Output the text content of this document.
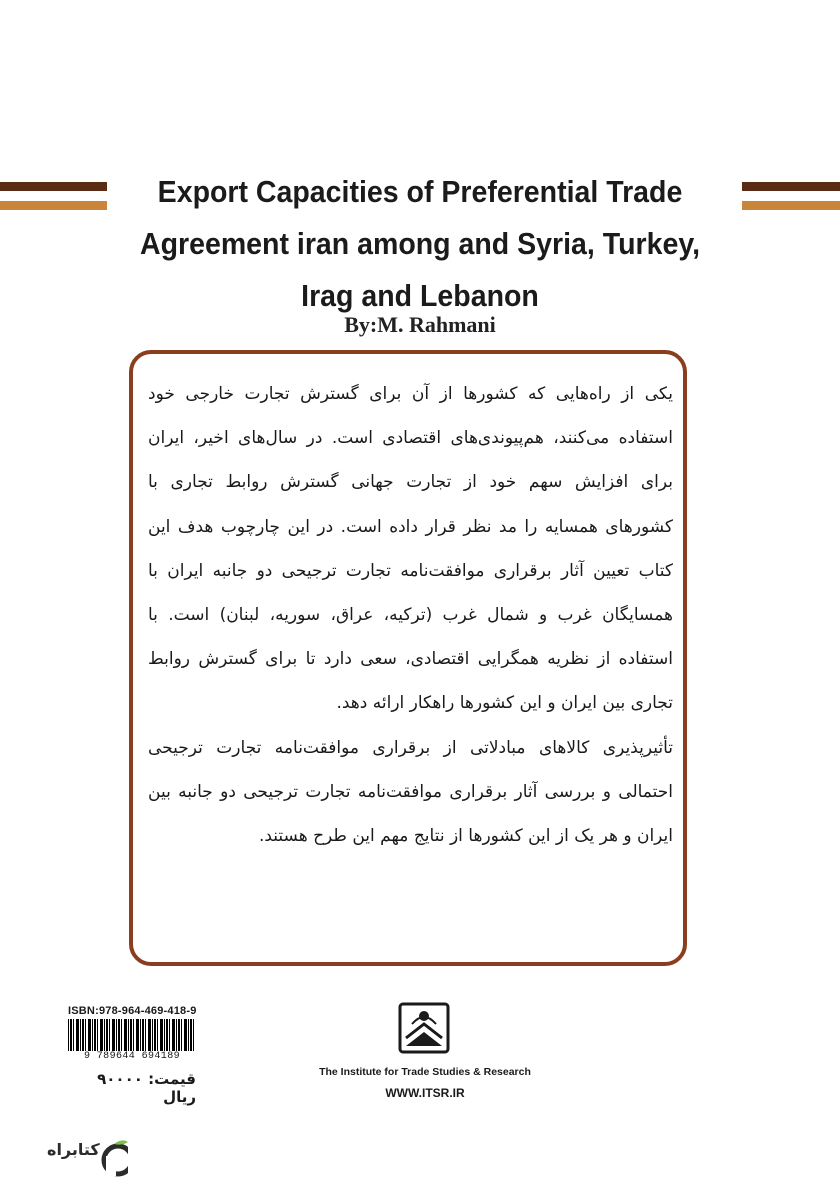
Export Capacities of Preferential Trade
Agreement iran among and Syria, Turkey,
Irag and Lebanon
By:M. Rahmani

یکی از راه‌هایی که کشورها از آن برای گسترش تجارت خارجی خود استفاده می‌کنند، هم‌پیوندی‌های اقتصادی است. در سال‌های اخیر، ایران برای افزایش سهم خود از تجارت جهانی گسترش روابط تجاری با کشورهای همسایه را مد نظر قرار داده است. در این چارچوب هدف این کتاب تعیین آثار برقراری موافقت‌نامه تجارت ترجیحی دو جانبه ایران با همسایگان غرب و شمال غرب (ترکیه، عراق، سوریه، لبنان) است. با استفاده از نظریه همگرایی اقتصادی، سعی دارد تا برای گسترش روابط تجاری بین ایران و این کشورها راهکار ارائه دهد.

تأثیرپذیری کالاهای مبادلاتی از برقراری موافقت‌نامه تجارت ترجیحی احتمالی و بررسی آثار برقراری موافقت‌نامه تجارت ترجیحی دو جانبه بین ایران و هر یک از این کشورها از نتایج مهم این طرح هستند.

ISBN:978-964-469-418-9
9 789644 694189
قیمت: ۹۰۰۰۰ ریال
The Institute for Trade Studies & Research
WWW.ITSR.IR
کتابراه
